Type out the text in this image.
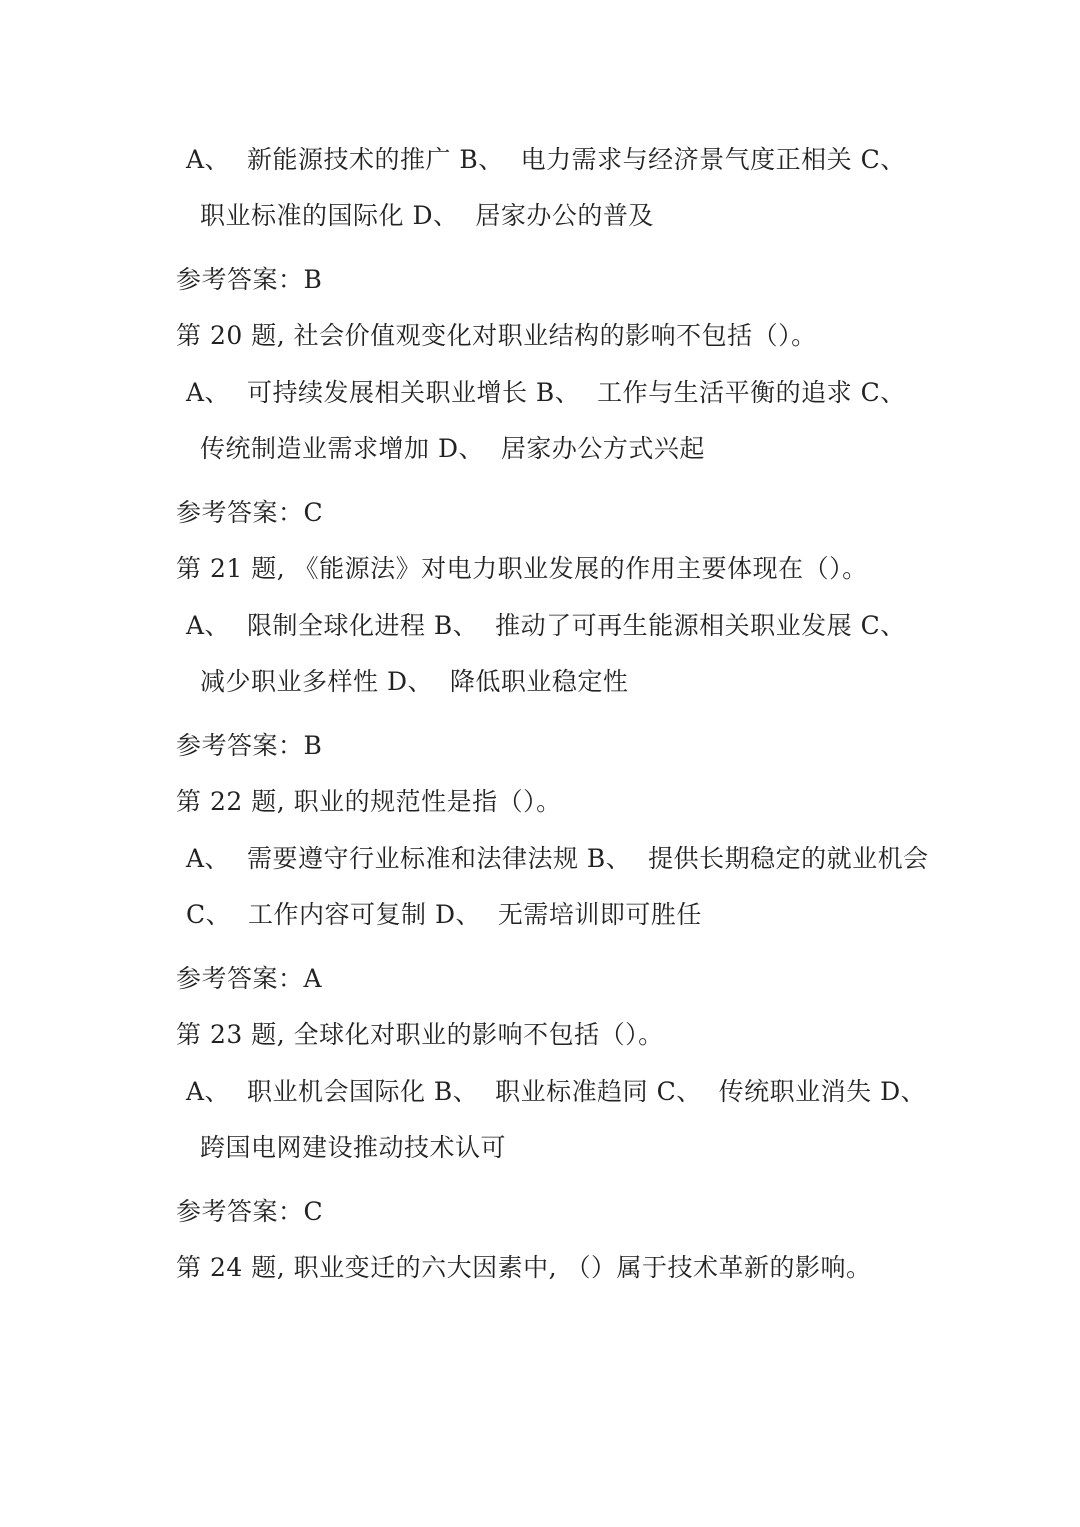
A、  新能源技术的推广 B、  电力需求与经济景气度正相关 C、
职业标准的国际化 D、  居家办公的普及
参考答案：B
第 20 题, 社会价值观变化对职业结构的影响不包括（）。
A、  可持续发展相关职业增长 B、  工作与生活平衡的追求 C、
传统制造业需求增加 D、  居家办公方式兴起
参考答案：C
第 21 题, 《能源法》对电力职业发展的作用主要体现在（）。
A、  限制全球化进程 B、  推动了可再生能源相关职业发展 C、
减少职业多样性 D、  降低职业稳定性
参考答案：B
第 22 题, 职业的规范性是指（）。
A、  需要遵守行业标准和法律法规 B、  提供长期稳定的就业机会
C、  工作内容可复制 D、  无需培训即可胜任
参考答案：A
第 23 题, 全球化对职业的影响不包括（）。
A、  职业机会国际化 B、  职业标准趋同 C、  传统职业消失 D、
跨国电网建设推动技术认可
参考答案：C
第 24 题, 职业变迁的六大因素中, （）属于技术革新的影响。
